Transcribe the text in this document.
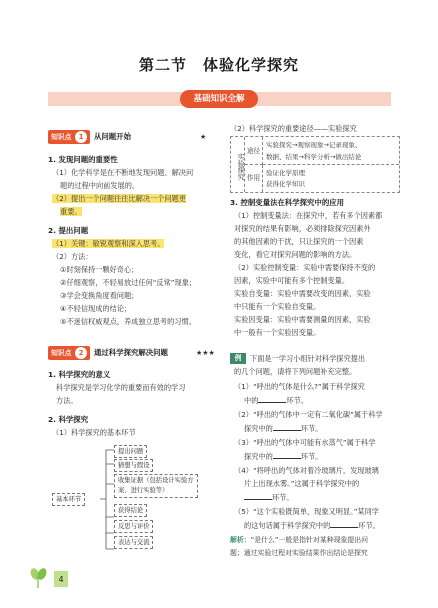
第二节　体验化学探究
基础知识全解
知识点	1	从问题开始	★
1. 发现问题的重要性
（1）化学科学是在不断地发现问题、解决问
题的过程中向前发展的。
（2）提出一个问题往往比解决一个问题更
重要。
2. 提出问题
（1）关键：敏锐观察和深入思考。
（2）方法：
①时刻保持一颗好奇心；
②仔细观察，不轻易放过任何“反常”现象；
③学会变换角度看问题；
④不轻信现成的结论；
⑤不迷信权威观点，养成独立思考的习惯。
知识点	2	通过科学探究解决问题	★★★
1. 科学探究的意义
科学探究是学习化学的重要而有效的学习
方法。
2. 科学探究
（1）科学探究的基本环节
基本环节
提出问题
猜想与假设
收集证据（包括设计实验方
案、进行实验等）
获得结论
反思与评价
表达与交流
（2）科学探究的重要途径——实验探究
实验探究
途径
作用
实验探究→观察现象→记录现象、
数据、结果→科学分析→做出结论
验证化学原理
获得化学知识
3. 控制变量法在科学探究中的应用
（1）控制变量法：在探究中，若有多个因素都
对探究的结果有影响，必须排除探究因素外
的其他因素的干扰，只让探究的一个因素
变化，看它对探究问题的影响的方法。
（2）实验控制变量：实验中需要保持不变的
因素，实验中可能有多个控制变量。
实验自变量：实验中需要改变的因素，实验
中只能有一个实验自变量。
实验因变量：实验中需要测量的因素，实验
中一般有一个实验因变量。
例	下面是一学习小组针对科学探究提出
的几个问题，请将下列问题补充完整。
（1）“呼出的气体是什么?”属于科学探究
中的	环节。
（2）“呼出的气体中一定有二氧化碳”属于科学
探究中的	环节。
（3）“呼出的气体中可能有水蒸气”属于科学
探究中的	环节。
（4）“将呼出的气体对着冷玻璃片，发现玻璃
片上出现水雾。”这属于科学探究中的
环节。
（5）“这个实验既简单，现象又明显。”某同学
的这句话属于科学探究中的	环节。
解析：“是什么”一般是指针对某种现象提出问
题；通过实验过程对实验结果作出结论是探究
4
